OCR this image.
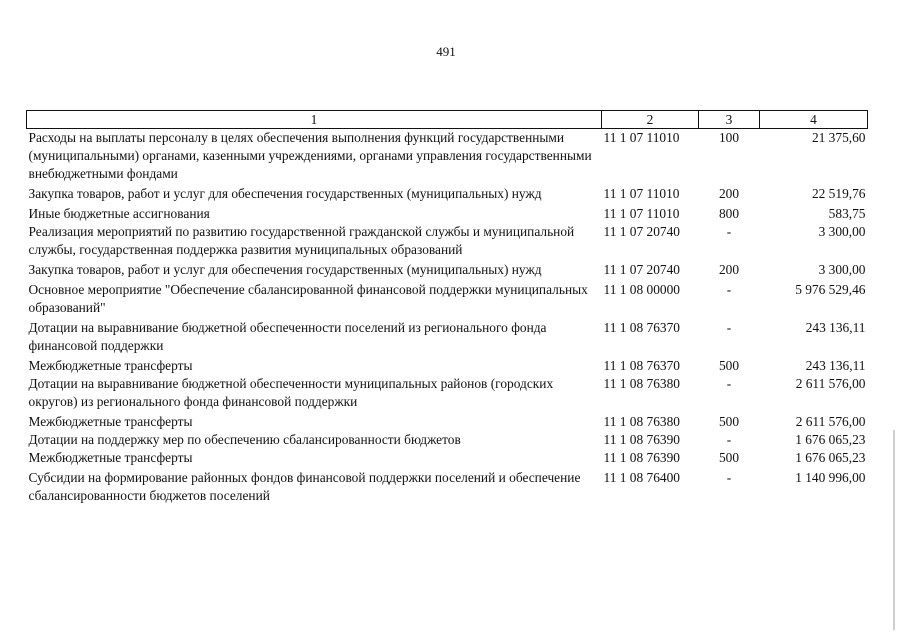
491
1	2	3	4
Расходы на выплаты персоналу в целях обеспечения выполнения функций государственными (муниципальными) органами, казенными учреждениями, органами управления государственными внебюджетными фондами	11 1 07 11010	100	21 375,60
Закупка товаров, работ и услуг для обеспечения государственных (муниципальных) нужд	11 1 07 11010	200	22 519,76
Иные бюджетные ассигнования	11 1 07 11010	800	583,75
Реализация мероприятий по развитию государственной гражданской службы и муниципальной службы, государственная поддержка развития муниципальных образований	11 1 07 20740	-	3 300,00
Закупка товаров, работ и услуг для обеспечения государственных (муниципальных) нужд	11 1 07 20740	200	3 300,00
Основное мероприятие "Обеспечение сбалансированной финансовой поддержки муниципальных образований"	11 1 08 00000	-	5 976 529,46
Дотации на выравнивание бюджетной обеспеченности поселений из регионального фонда финансовой поддержки	11 1 08 76370	-	243 136,11
Межбюджетные трансферты	11 1 08 76370	500	243 136,11
Дотации на выравнивание бюджетной обеспеченности муниципальных районов (городских округов) из регионального фонда финансовой поддержки	11 1 08 76380	-	2 611 576,00
Межбюджетные трансферты	11 1 08 76380	500	2 611 576,00
Дотации на поддержку мер по обеспечению сбалансированности бюджетов	11 1 08 76390	-	1 676 065,23
Межбюджетные трансферты	11 1 08 76390	500	1 676 065,23
Субсидии на формирование районных фондов финансовой поддержки поселений и обеспечение сбалансированности бюджетов поселений	11 1 08 76400	-	1 140 996,00
